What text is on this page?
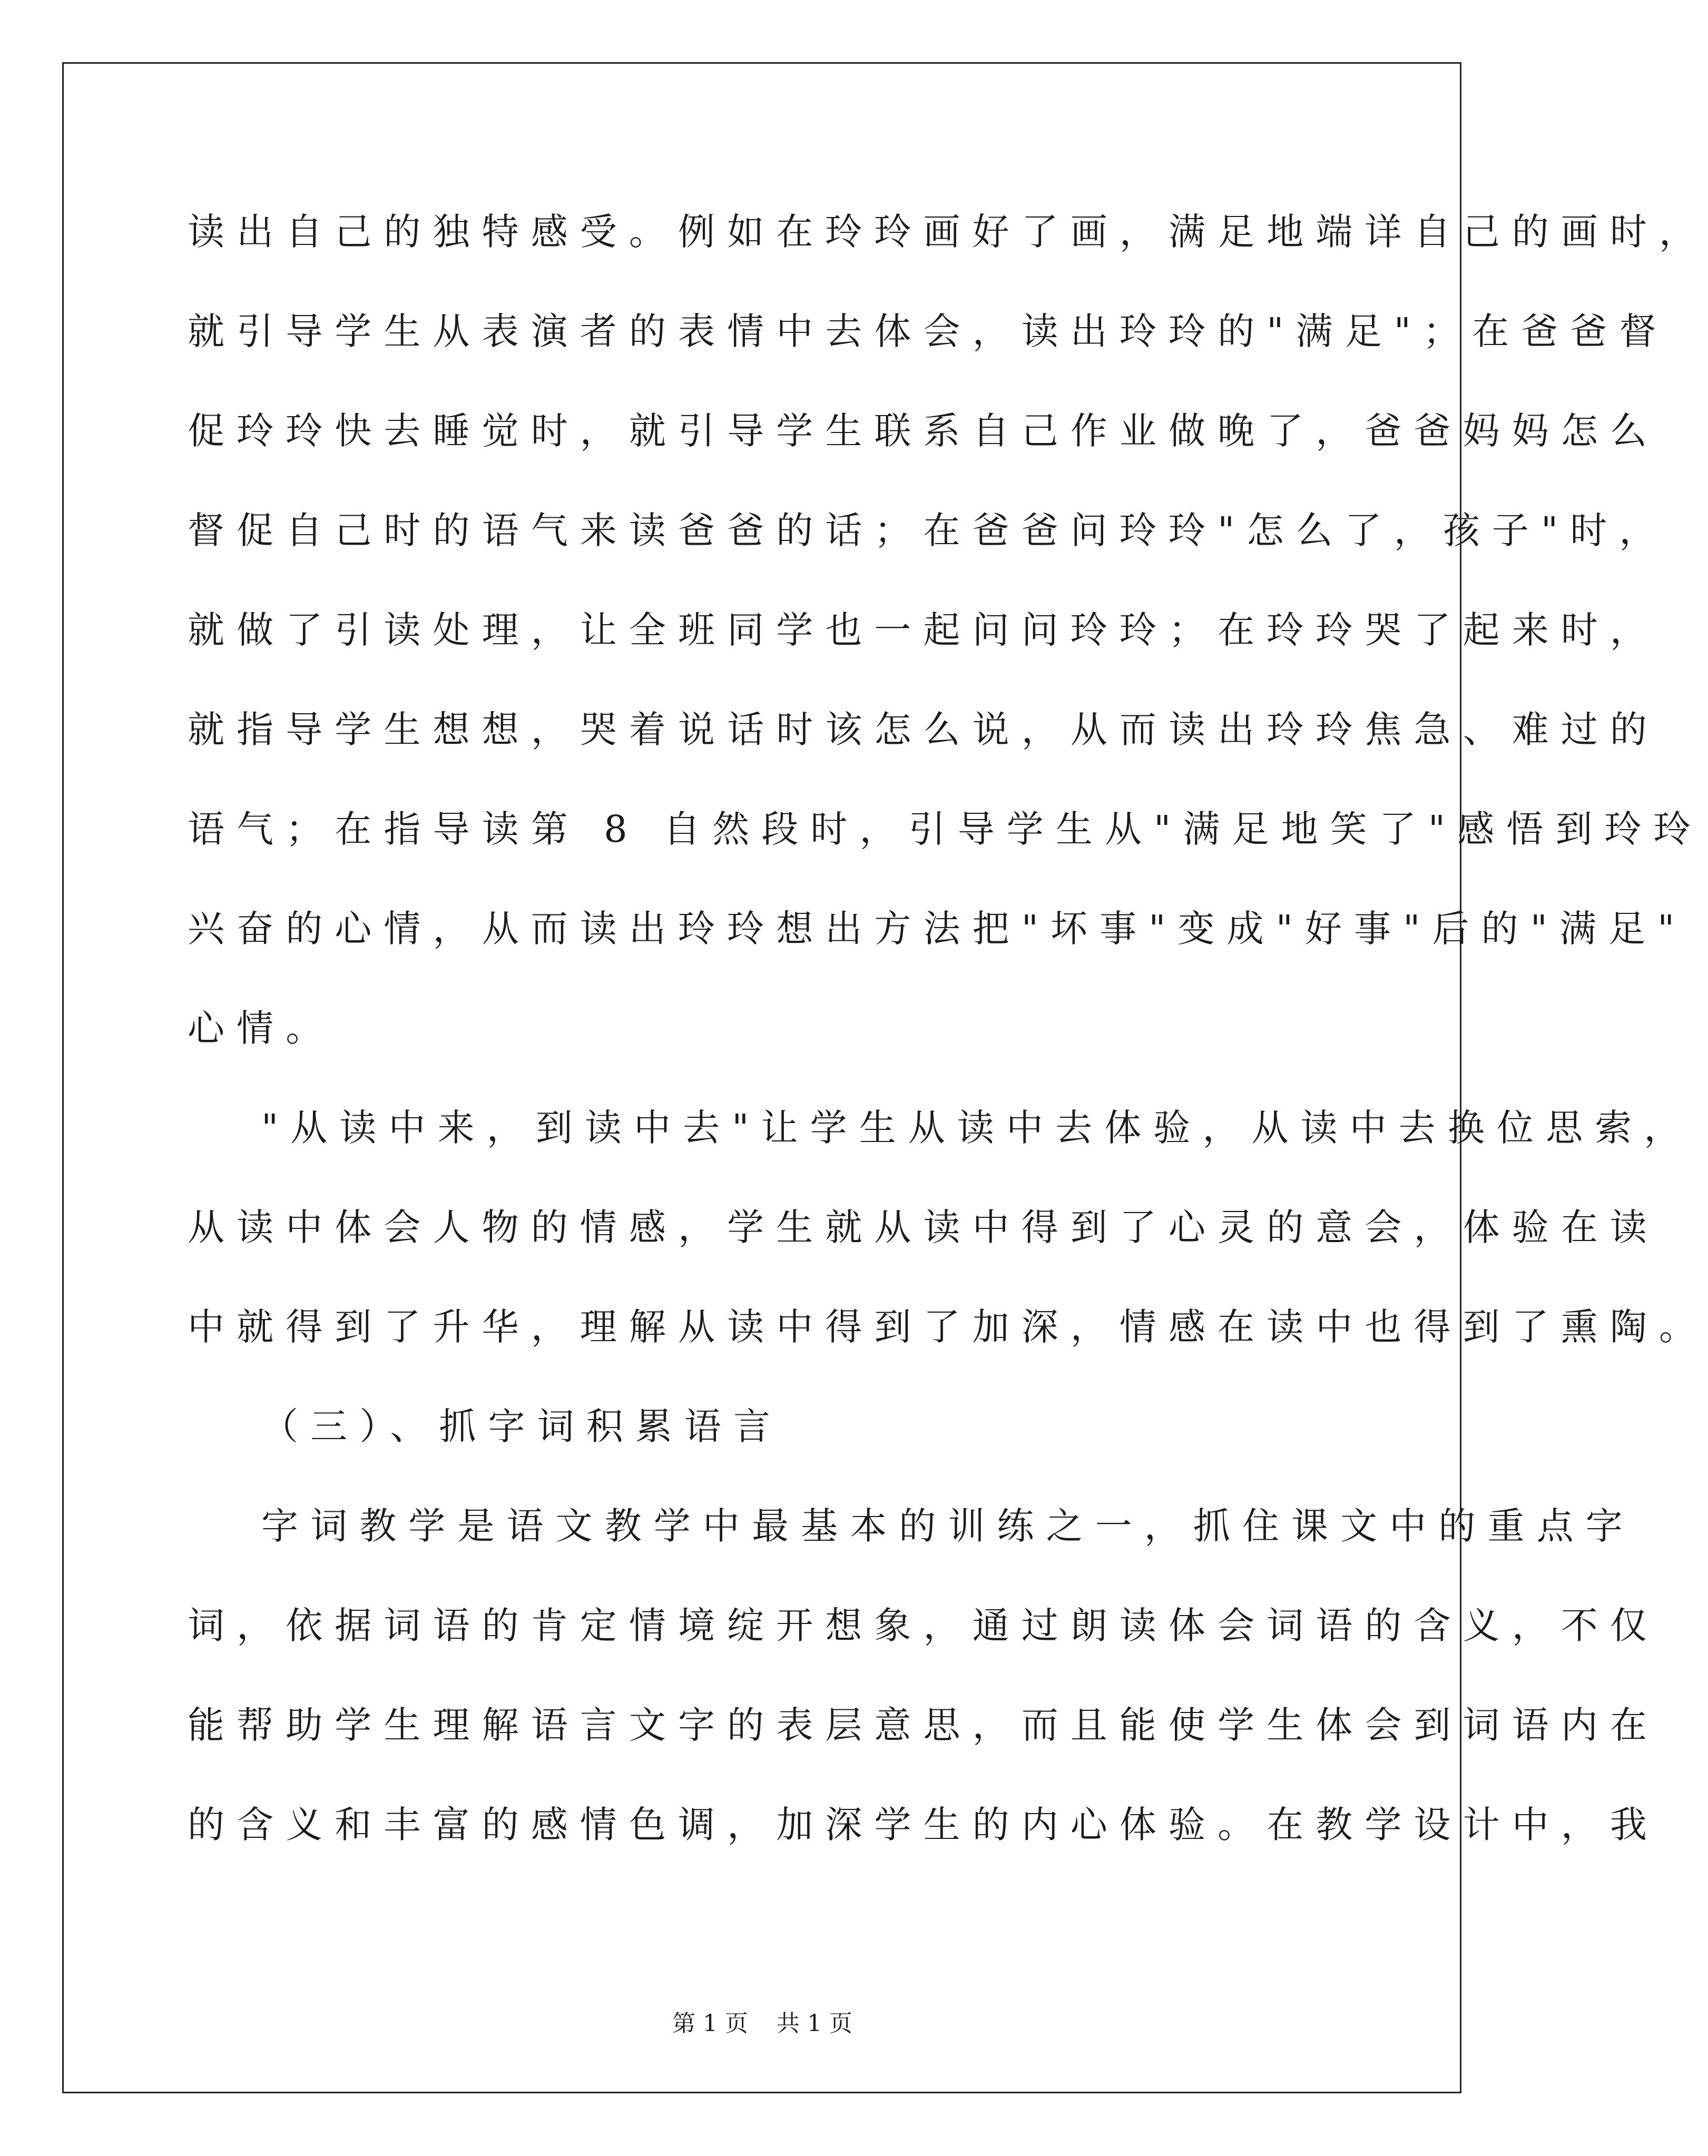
读出自己的独特感受。例如在玲玲画好了画，满足地端详自己的画时，
就引导学生从表演者的表情中去体会，读出玲玲的"满足"；在爸爸督
促玲玲快去睡觉时，就引导学生联系自己作业做晚了，爸爸妈妈怎么
督促自己时的语气来读爸爸的话；在爸爸问玲玲"怎么了，孩子"时，
就做了引读处理，让全班同学也一起问问玲玲；在玲玲哭了起来时，
就指导学生想想，哭着说话时该怎么说，从而读出玲玲焦急、难过的
语气；在指导读第 8 自然段时，引导学生从"满足地笑了"感悟到玲玲
兴奋的心情，从而读出玲玲想出方法把"坏事"变成"好事"后的"满足"
心情。
"从读中来，到读中去"让学生从读中去体验，从读中去换位思索，
从读中体会人物的情感，学生就从读中得到了心灵的意会，体验在读
中就得到了升华，理解从读中得到了加深，情感在读中也得到了熏陶。
（三）、抓字词积累语言
字词教学是语文教学中最基本的训练之一，抓住课文中的重点字
词，依据词语的肯定情境绽开想象，通过朗读体会词语的含义，不仅
能帮助学生理解语言文字的表层意思，而且能使学生体会到词语内在
的含义和丰富的感情色调，加深学生的内心体验。在教学设计中，我
第 1 页 共 1 页
